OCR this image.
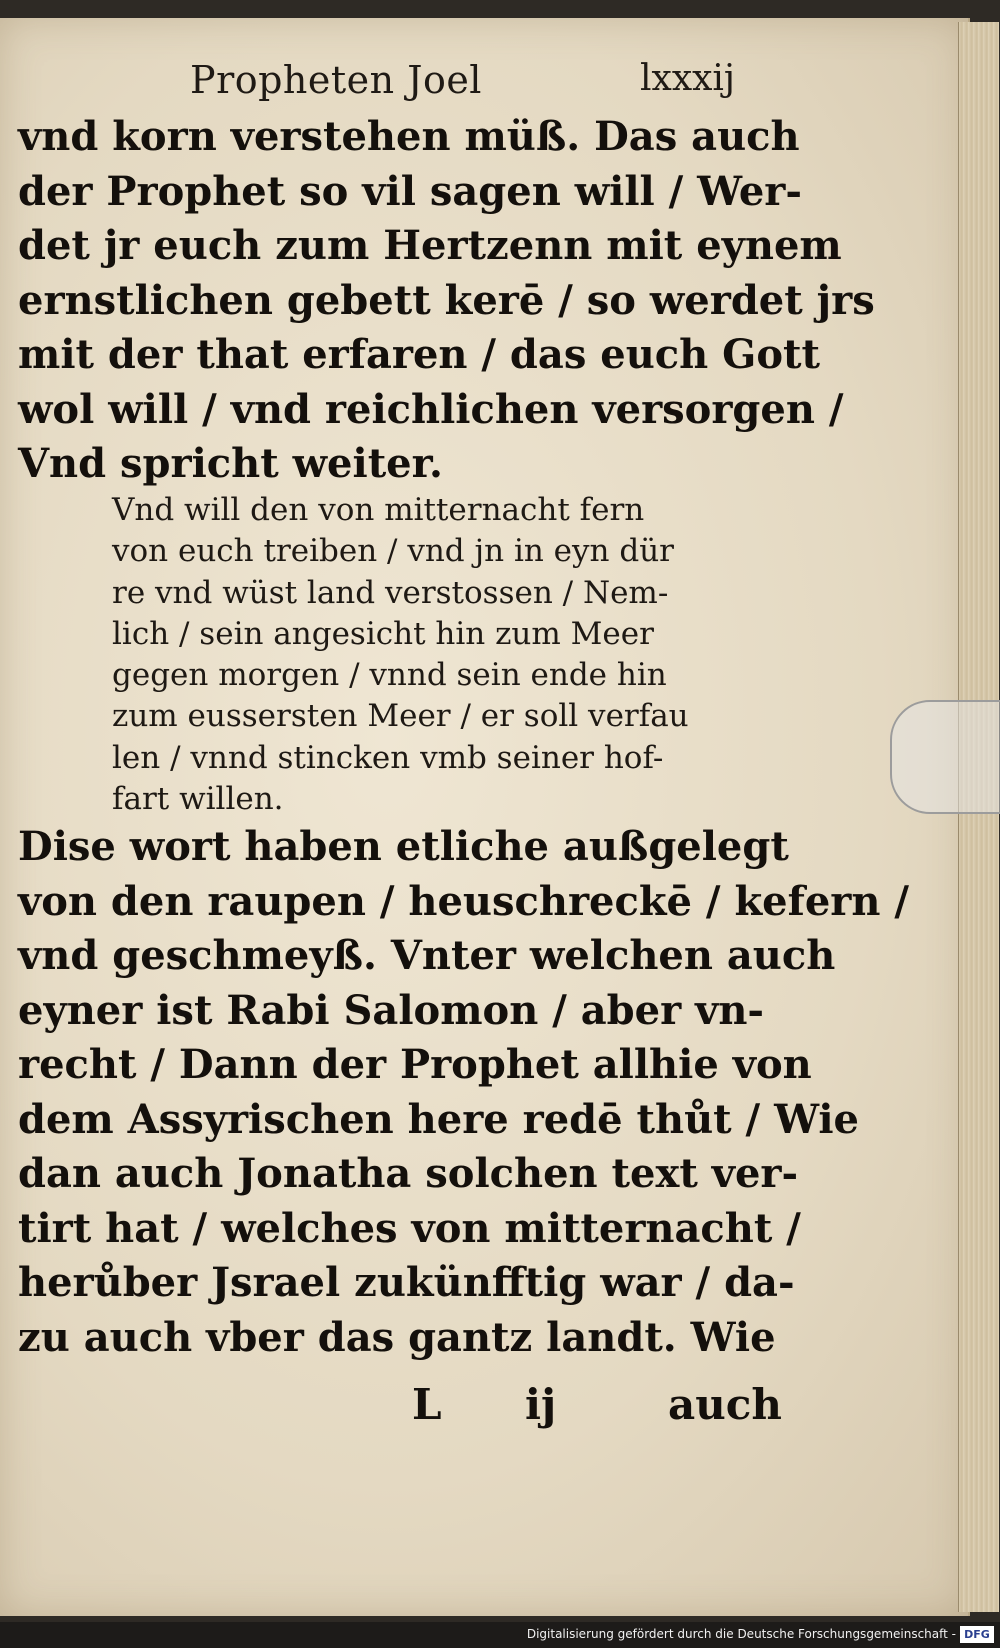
Propheten Joel	lxxxij
vnd korn verstehen müß. Das auch
der Prophet so vil sagen will / Wer-
det jr euch zum Hertzenn mit eynem
ernstlichen gebett kerē / so werdet jrs
mit der that erfaren / das euch Gott
wol will / vnd reichlichen versorgen /
Vnd spricht weiter.
Vnd will den von mitternacht fern
von euch treiben / vnd jn in eyn dür
re vnd wüst land verstossen / Nem-
lich / sein angesicht hin zum Meer
gegen morgen / vnnd sein ende hin
zum eussersten Meer / er soll verfau
len / vnnd stincken vmb seiner hof-
fart willen.
Dise wort haben etliche außgelegt
von den raupen / heuschreckē / kefern /
vnd geschmeyß. Vnter welchen auch
eyner ist Rabi Salomon / aber vn-
recht / Dann der Prophet allhie von
dem Assyrischen here redē thůt / Wie
dan auch Jonatha solchen text ver-
tirt hat / welches von mitternacht /
herůber Jsrael zukünfftig war / da-
zu auch vber das gantz landt. Wie
L ij	auch
Digitalisierung gefördert durch die Deutsche Forschungsgemeinschaft - DFG
